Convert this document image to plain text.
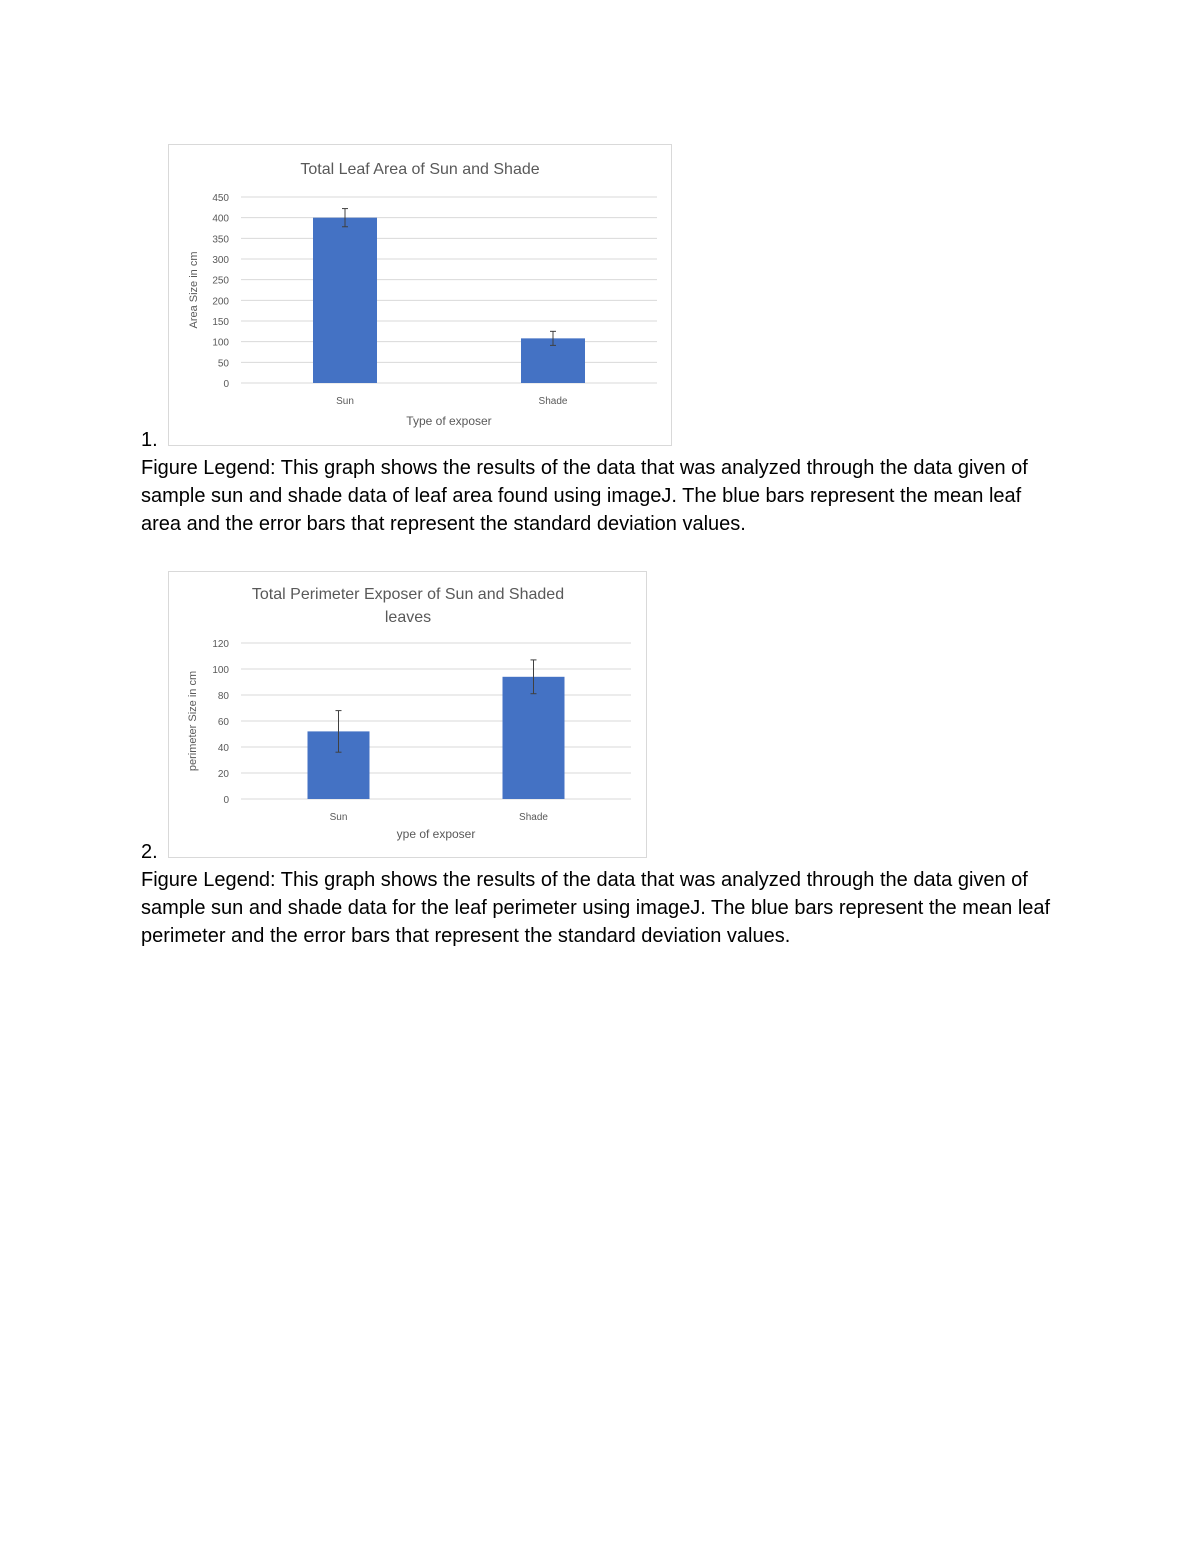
Total Leaf Area of Sun and Shade
0
50
100
150
200
250
300
350
400
450
Sun	Shade
Type of exposer
Area Size in cm
1.
Figure Legend: This graph shows the results of the data that was analyzed through the data given of sample sun and shade data of leaf area found using imageJ. The blue bars represent the mean leaf area and the error bars that represent the standard deviation values.
Total Perimeter Exposer of Sun and Shaded
leaves
0
20
40
60
80
100
120
Sun	Shade
ype of exposer
perimeter Size in cm
2.
Figure Legend: This graph shows the results of the data that was analyzed through the data given of sample sun and shade data for the leaf perimeter using imageJ. The blue bars represent the mean leaf perimeter and the error bars that represent the standard deviation values.
